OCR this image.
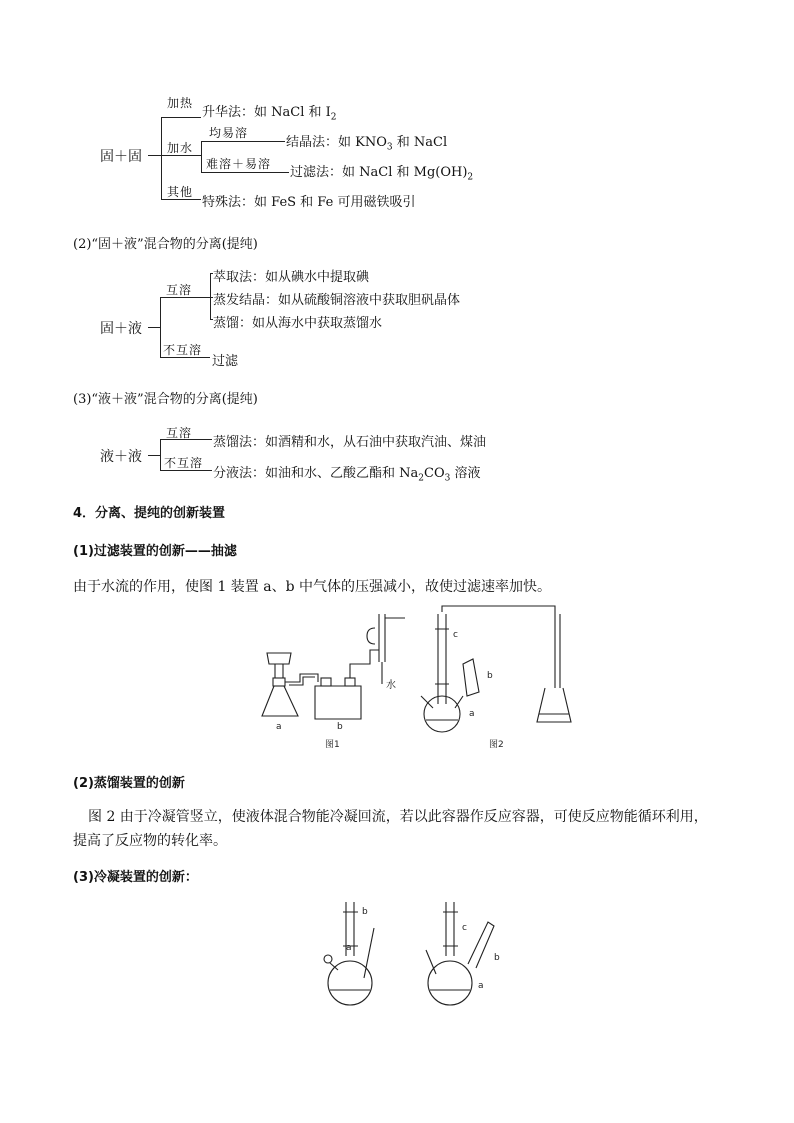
固＋固
加热
升华法：如 NaCl 和 $I_2$
加水
均易溶
结晶法：如 $KNO_3$ 和 NaCl
难溶＋易溶
过滤法：如 NaCl 和 $Mg(OH)_2$
其他
特殊法：如 FeS 和 Fe 可用磁铁吸引
(2)“固＋液”混合物的分离(提纯)
固＋液
互溶
萃取法：如从碘水中提取碘
蒸发结晶：如从硫酸铜溶液中获取胆矾晶体
蒸馏：如从海水中获取蒸馏水
不互溶
过滤
(3)“液＋液”混合物的分离(提纯)
液＋液
互溶
蒸馏法：如酒精和水，从石油中获取汽油、煤油
不互溶
分液法：如油和水、乙酸乙酯和 $Na_2CO_3$ 溶液
4．分离、提纯的创新装置
(1)过滤装置的创新——抽滤
由于水流的作用，使图 1 装置 a、b 中气体的压强减小，故使过滤速率加快。
a	b
水
图1
c
b
a
图2
(2)蒸馏装置的创新
图 2 由于冷凝管竖立，使液体混合物能冷凝回流，若以此容器作反应容器，可使反应物能循环利用，
提高了反应物的转化率。
(3)冷凝装置的创新：
b
a
c
b
a
